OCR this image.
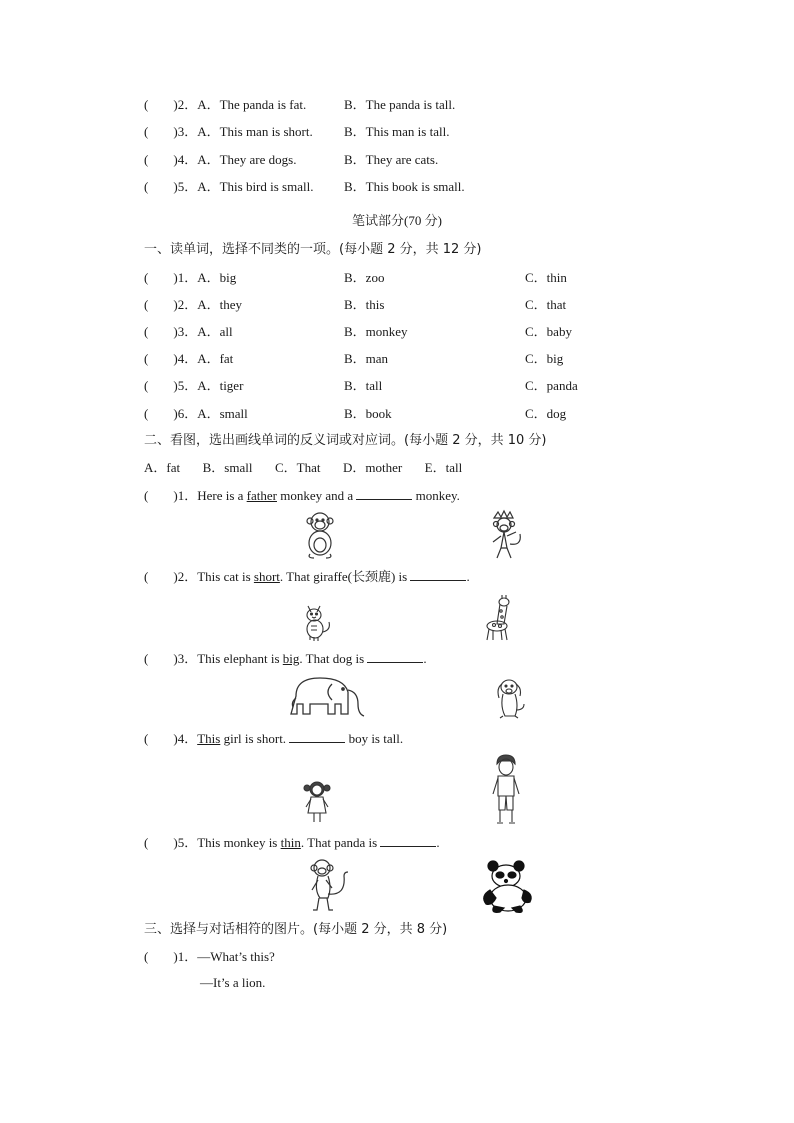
( )2．A．The panda is fat.	B．The panda is tall.
( )3．A．This man is short. B．This man is tall.
( )4．A．They are dogs.	B．They are cats.
( )5．A．This bird is small. B．This book is small.
笔试部分(70 分)
一、读单词，选择不同类的一项。(每小题 2 分，共 12 分)
( )1．A．big	B．zoo	C．thin
( )2．A．they	B．this	C．that
( )3．A．all	B．monkey	C．baby
( )4．A．fat	B．man	C．big
( )5．A．tiger	B．tall	C．panda
( )6．A．small	B．book	C．dog
二、看图，选出画线单词的反义词或对应词。(每小题 2 分，共 10 分)
A．fat B．small C．That D．mother E．tall
( )1．Here is a father monkey and a	monkey.
( )2．This cat is short. That giraffe(长颈鹿) is	.
( )3．This elephant is big. That dog is	.
( )4．This girl is short.	boy is tall.
( )5．This monkey is thin. That panda is	.
三、选择与对话相符的图片。(每小题 2 分，共 8 分)
( )1．—What’s this?
—It’s a lion.
